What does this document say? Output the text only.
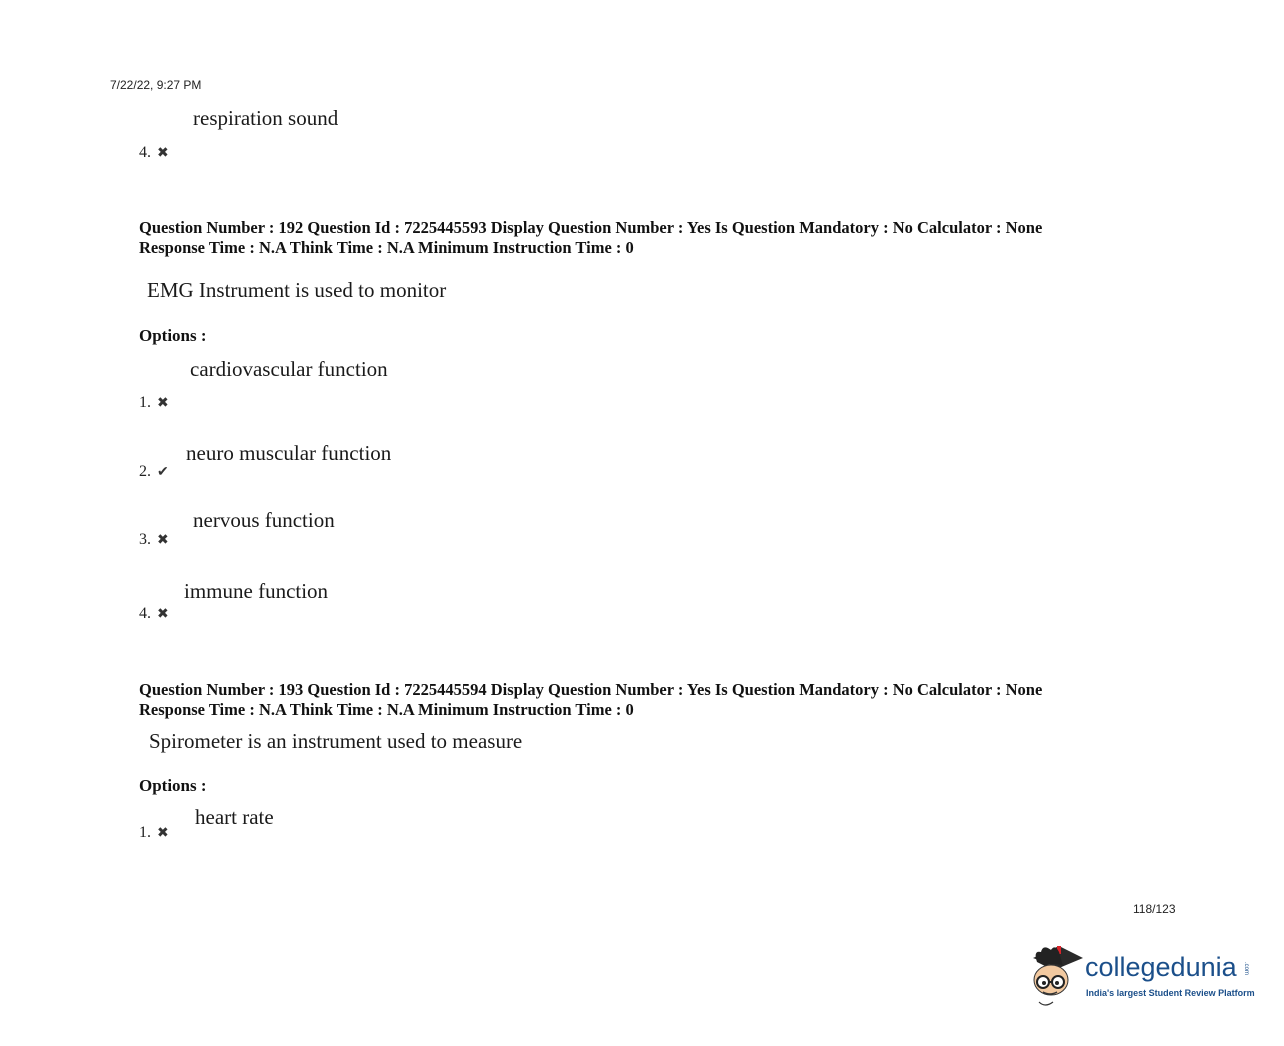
7/22/22, 9:27 PM
respiration sound
4. ✖
Question Number : 192 Question Id : 7225445593 Display Question Number : Yes Is Question Mandatory : No Calculator : None
Response Time : N.A Think Time : N.A Minimum Instruction Time : 0
EMG Instrument is used to monitor
Options :
cardiovascular function
1. ✖
neuro muscular function
2. ✔
nervous function
3. ✖
immune function
4. ✖
Question Number : 193 Question Id : 7225445594 Display Question Number : Yes Is Question Mandatory : No Calculator : None
Response Time : N.A Think Time : N.A Minimum Instruction Time : 0
Spirometer is an instrument used to measure
Options :
heart rate
1. ✖
118/123
collegedunia .com
India's largest Student Review Platform
